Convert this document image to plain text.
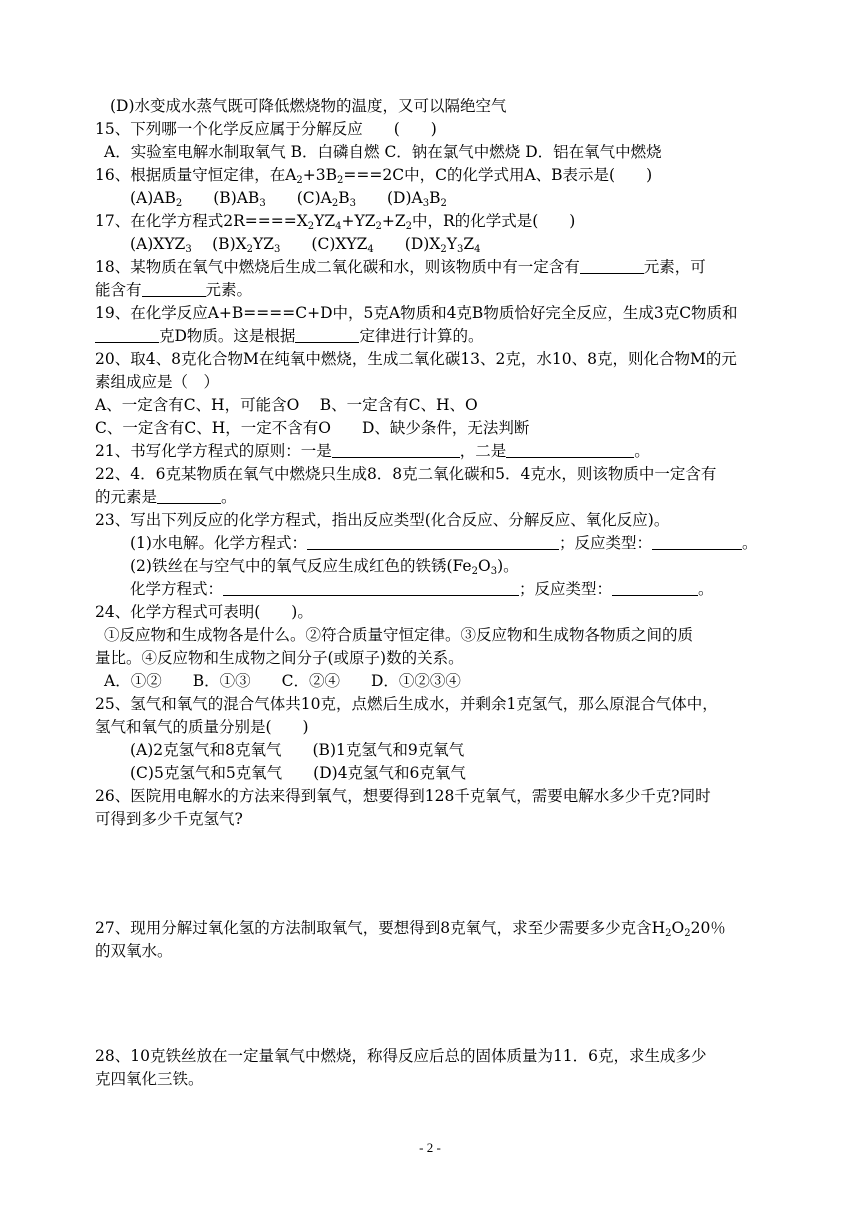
(D)水变成水蒸气既可降低燃烧物的温度，又可以隔绝空气
15、下列哪一个化学反应属于分解反应　　(　　)
A．实验室电解水制取氧气 B．白磷自燃 C．钠在氯气中燃烧 D．铝在氧气中燃烧
16、根据质量守恒定律，在$A_2+3B_2===2C$中，C的化学式用A、B表示是(　　)
$(A)AB_2$　　$(B)AB_3$　　$(C)A_2B_3$　　$(D)A_3B_2$
17、在化学方程式$2R====X_2YZ_4+YZ_2+Z_2$中，R的化学式是(　　)
$(A)XYZ_3$　 $(B)X_2YZ_3$　　$(C)XYZ_4$　　$(D)X_2Y_3Z_4$
18、某物质在氧气中燃烧后生成二氧化碳和水，则该物质中有一定含有	元素，可
能含有	元素。
19、在化学反应A+B====C+D中，5克A物质和4克B物质恰好完全反应，生成3克C物质和
克D物质。这是根据	定律进行计算的。
20、取4、8克化合物M在纯氧中燃烧，生成二氧化碳13、2克，水10、8克，则化合物M的元
素组成应是（　）
A、一定含有C、H，可能含O　 B、一定含有C、H、O
C、一定含有C、H，一定不含有O　　D、缺少条件，无法判断
21、书写化学方程式的原则：一是	，二是	。
22、4．6克某物质在氧气中燃烧只生成8．8克二氧化碳和5．4克水，则该物质中一定含有
的元素是	。
23、写出下列反应的化学方程式，指出反应类型(化合反应、分解反应、氧化反应)。
(1)水电解。化学方程式：	；反应类型：	。
(2)铁丝在与空气中的氧气反应生成红色的铁锈$(Fe_2O_3)$。
化学方程式：	；反应类型：	。
24、化学方程式可表明(　　)。
①反应物和生成物各是什么。②符合质量守恒定律。③反应物和生成物各物质之间的质
量比。④反应物和生成物之间分子(或原子)数的关系。
A．①②　　B．①③　　C．②④　　D．①②③④
25、氢气和氧气的混合气体共10克，点燃后生成水，并剩余1克氢气，那么原混合气体中，
氢气和氧气的质量分别是(　　)
(A)2克氢气和8克氧气　　(B)1克氢气和9克氧气
(C)5克氢气和5克氧气　　(D)4克氢气和6克氧气
26、医院用电解水的方法来得到氧气，想要得到128千克氧气，需要电解水多少千克?同时
可得到多少千克氢气?
27、现用分解过氧化氢的方法制取氧气，要想得到8克氧气，求至少需要多少克含$H_2O_220$％
的双氧水。
28、10克铁丝放在一定量氧气中燃烧，称得反应后总的固体质量为11．6克，求生成多少
克四氧化三铁。
- 2 -
